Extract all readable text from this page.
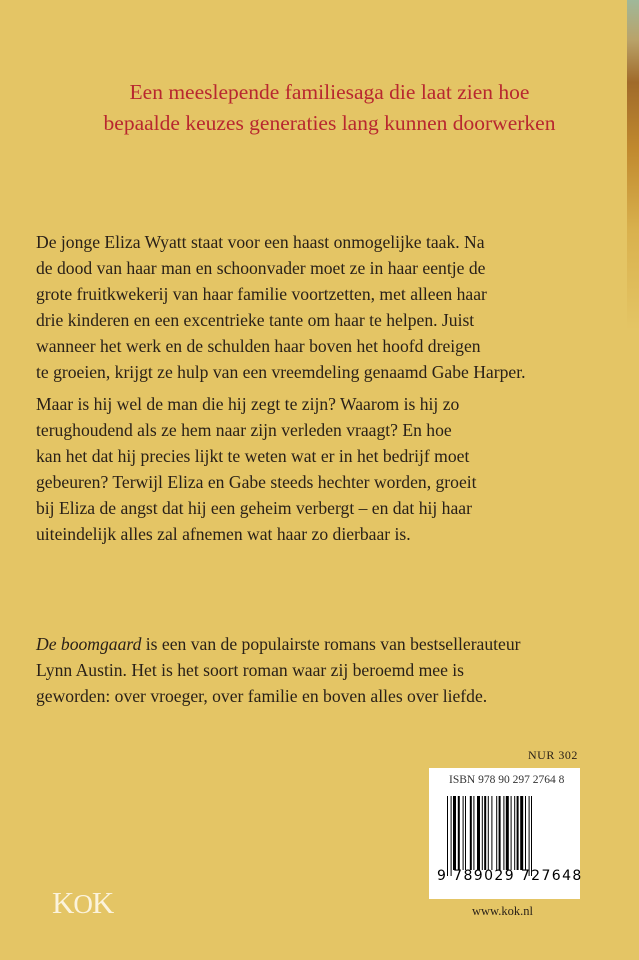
Een meeslepende familiesaga die laat zien hoe
bepaalde keuzes generaties lang kunnen doorwerken
De jonge Eliza Wyatt staat voor een haast onmogelijke taak. Na
de dood van haar man en schoonvader moet ze in haar eentje de
grote fruitkwekerij van haar familie voortzetten, met alleen haar
drie kinderen en een excentrieke tante om haar te helpen. Juist
wanneer het werk en de schulden haar boven het hoofd dreigen
te groeien, krijgt ze hulp van een vreemdeling genaamd Gabe Harper.
Maar is hij wel de man die hij zegt te zijn? Waarom is hij zo
terughoudend als ze hem naar zijn verleden vraagt? En hoe
kan het dat hij precies lijkt te weten wat er in het bedrijf moet
gebeuren? Terwijl Eliza en Gabe steeds hechter worden, groeit
bij Eliza de angst dat hij een geheim verbergt – en dat hij haar
uiteindelijk alles zal afnemen wat haar zo dierbaar is.
De boomgaard is een van de populairste romans van bestsellerauteur
Lynn Austin. Het is het soort roman waar zij beroemd mee is
geworden: over vroeger, over familie en boven alles over liefde.
NUR 302
ISBN 978 90 297 2764 8
9 789029 727648
www.kok.nl
KOK
